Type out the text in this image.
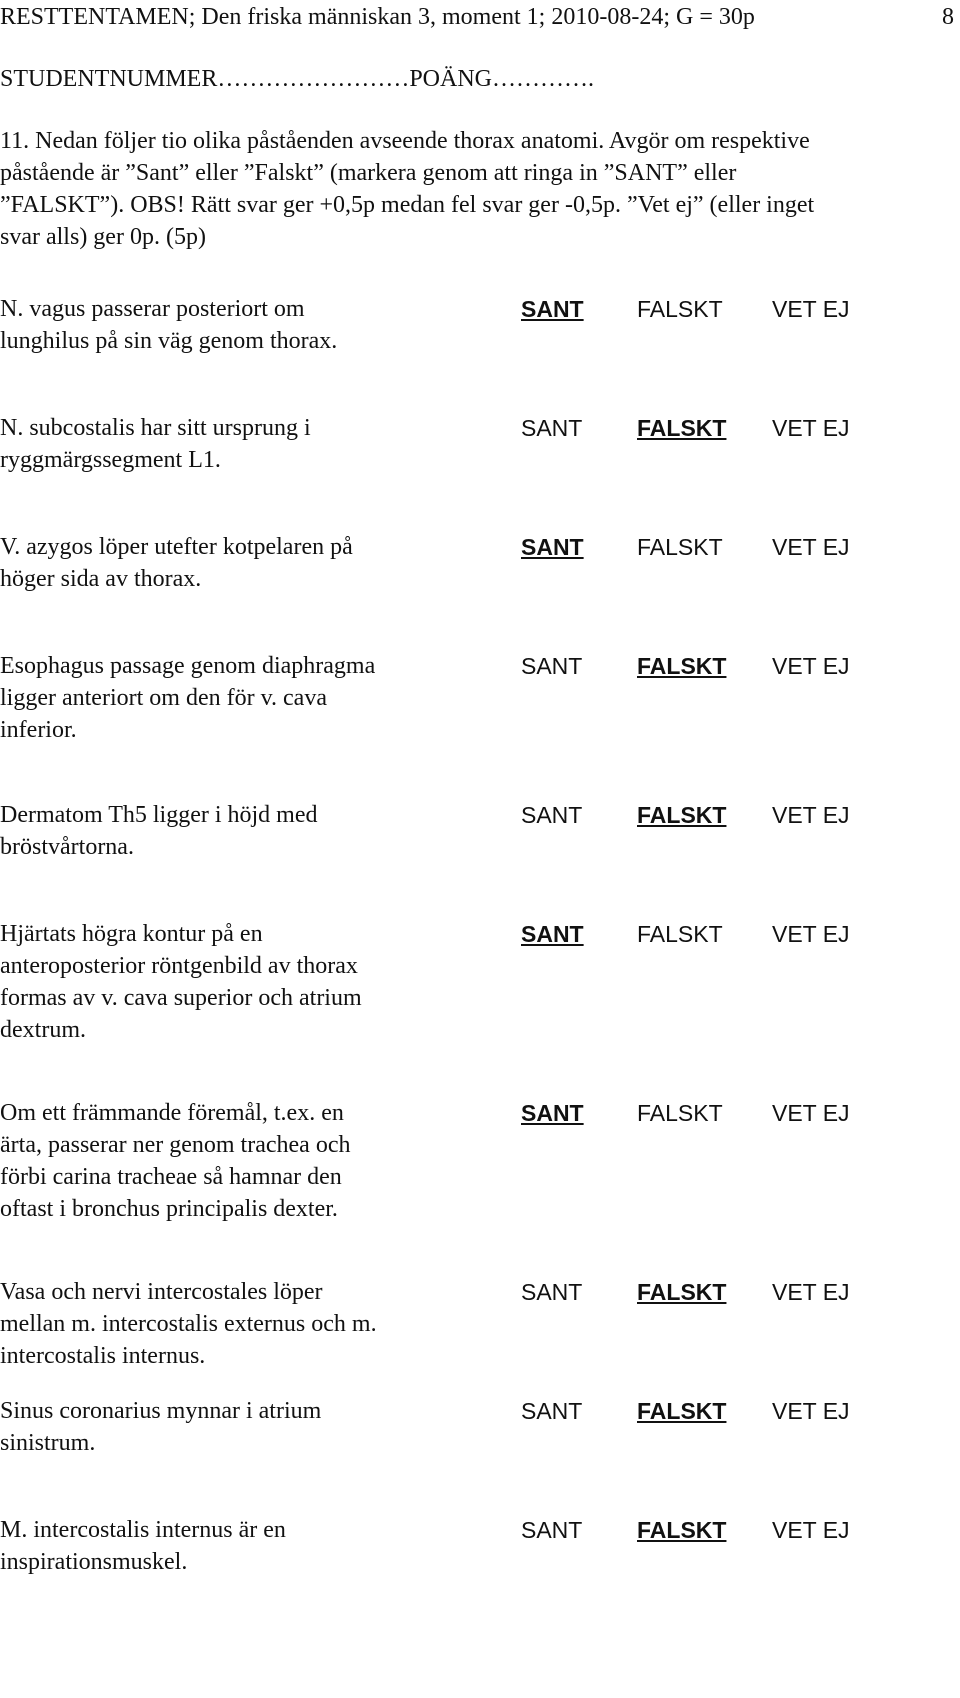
RESTTENTAMEN; Den friska människan 3, moment 1; 2010-08-24; G = 30p	8
STUDENTNUMMER……………………POÄNG………….
11. Nedan följer tio olika påståenden avseende thorax anatomi. Avgör om respektive
påstående är ”Sant” eller ”Falskt” (markera genom att ringa in ”SANT” eller
”FALSKT”). OBS! Rätt svar ger +0,5p medan fel svar ger -0,5p. ”Vet ej” (eller inget
svar alls) ger 0p. (5p)
N. vagus passerar posteriort om
lunghilus på sin väg genom thorax.
SANT FALSKT VET EJ
N. subcostalis har sitt ursprung i
ryggmärgssegment L1.
SANT FALSKT VET EJ
V. azygos löper utefter kotpelaren på
höger sida av thorax.
SANT FALSKT VET EJ
Esophagus passage genom diaphragma
ligger anteriort om den för v. cava
inferior.
SANT FALSKT VET EJ
Dermatom Th5 ligger i höjd med
bröstvårtorna.
SANT FALSKT VET EJ
Hjärtats högra kontur på en
anteroposterior röntgenbild av thorax
formas av v. cava superior och atrium
dextrum.
SANT FALSKT VET EJ
Om ett främmande föremål, t.ex. en
ärta, passerar ner genom trachea och
förbi carina tracheae så hamnar den
oftast i bronchus principalis dexter.
SANT FALSKT VET EJ
Vasa och nervi intercostales löper
mellan m. intercostalis externus och m.
intercostalis internus.
SANT FALSKT VET EJ
Sinus coronarius mynnar i atrium
sinistrum.
SANT FALSKT VET EJ
M. intercostalis internus är en
inspirationsmuskel.
SANT FALSKT VET EJ
